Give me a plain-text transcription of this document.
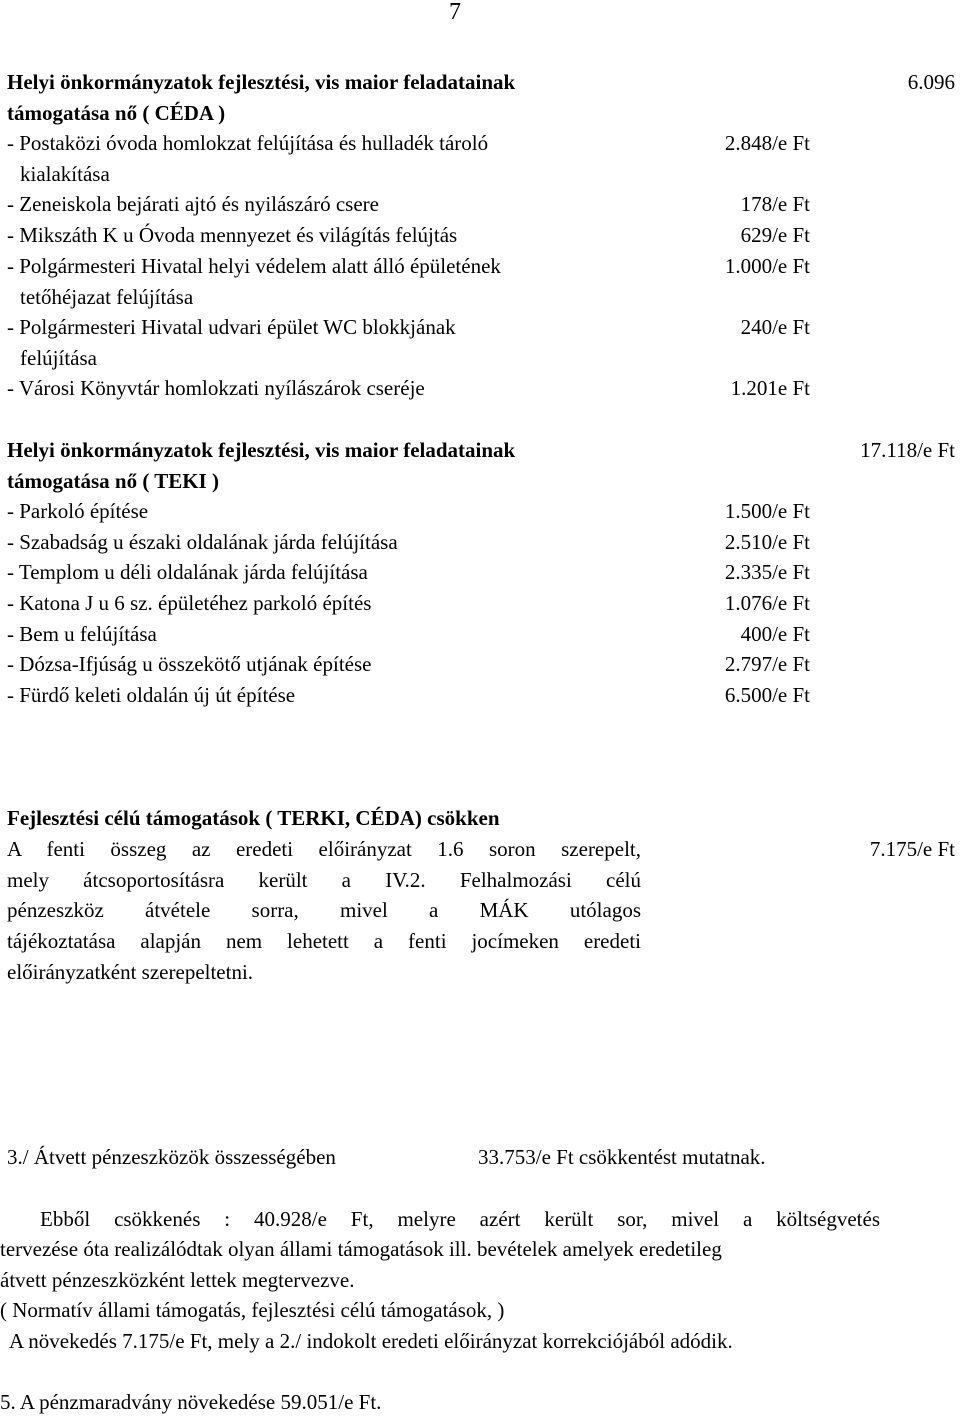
7
Helyi önkormányzatok fejlesztési, vis maior feladatainak
támogatása nő ( CÉDA )
6.096
- Postaközi óvoda homlokzat felújítása és hulladék tároló
kialakítása
2.848/e Ft
- Zeneiskola bejárati ajtó és nyilászáró csere	178/e Ft
- Mikszáth K u Óvoda mennyezet és világítás felújtás	629/e Ft
- Polgármesteri Hivatal helyi védelem alatt álló épületének
tetőhéjazat felújítása
1.000/e Ft
- Polgármesteri Hivatal udvari épület WC blokkjának
felújítása
240/e Ft
- Városi Könyvtár homlokzati nyílászárok cseréje	1.201e Ft
Helyi önkormányzatok fejlesztési, vis maior feladatainak
támogatása nő ( TEKI )
17.118/e Ft
- Parkoló építése	1.500/e Ft
- Szabadság u északi oldalának járda felújítása	2.510/e Ft
- Templom u déli oldalának járda felújítása	2.335/e Ft
- Katona J u 6 sz. épületéhez parkoló építés	1.076/e Ft
- Bem u felújítása	400/e Ft
- Dózsa-Ifjúság u összekötő utjának építése	2.797/e Ft
- Fürdő keleti oldalán új út építése	6.500/e Ft
Fejlesztési célú támogatások ( TERKI, CÉDA) csökken
7.175/e Ft
A fenti összeg az eredeti előirányzat 1.6 soron szerepelt,
mely átcsoportosításra került a IV.2. Felhalmozási célú
pénzeszköz átvétele sorra, mivel a MÁK utólagos
tájékoztatása alapján nem lehetett a fenti jocímeken eredeti
előirányzatként szerepeltetni.
3./ Átvett pénzeszközök összességében	33.753/e Ft csökkentést mutatnak.
Ebből csökkenés : 40.928/e Ft, melyre azért került sor, mivel a költségvetés
tervezése óta realizálódtak olyan állami támogatások ill. bevételek amelyek eredetileg
átvett pénzeszközként lettek megtervezve.
( Normatív állami támogatás, fejlesztési célú támogatások, )
A növekedés 7.175/e Ft, mely a 2./ indokolt eredeti előirányzat korrekciójából adódik.
5. A pénzmaradvány növekedése 59.051/e Ft.
